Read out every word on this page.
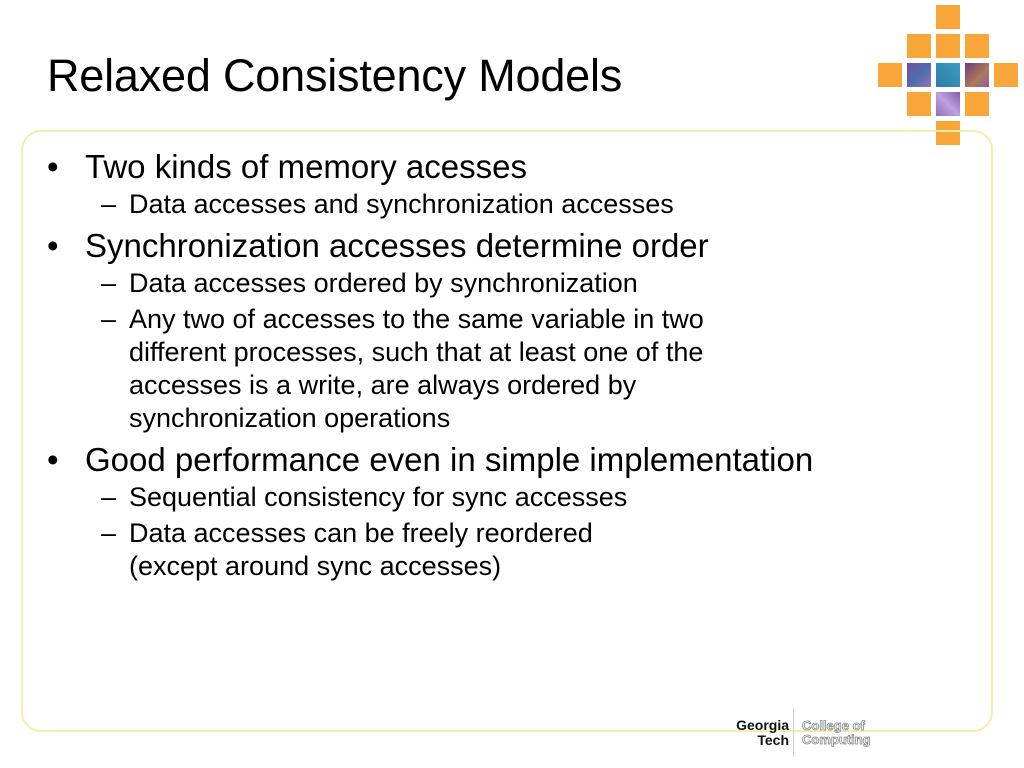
Relaxed Consistency Models
• Two kinds of memory acesses
– Data accesses and synchronization accesses
• Synchronization accesses determine order
– Data accesses ordered by synchronization
– Any two of accesses to the same variable in two
different processes, such that at least one of the
accesses is a write, are always ordered by
synchronization operations
• Good performance even in simple implementation
– Sequential consistency for sync accesses
– Data accesses can be freely reordered
(except around sync accesses)
Georgia
Tech
College of
Computing
